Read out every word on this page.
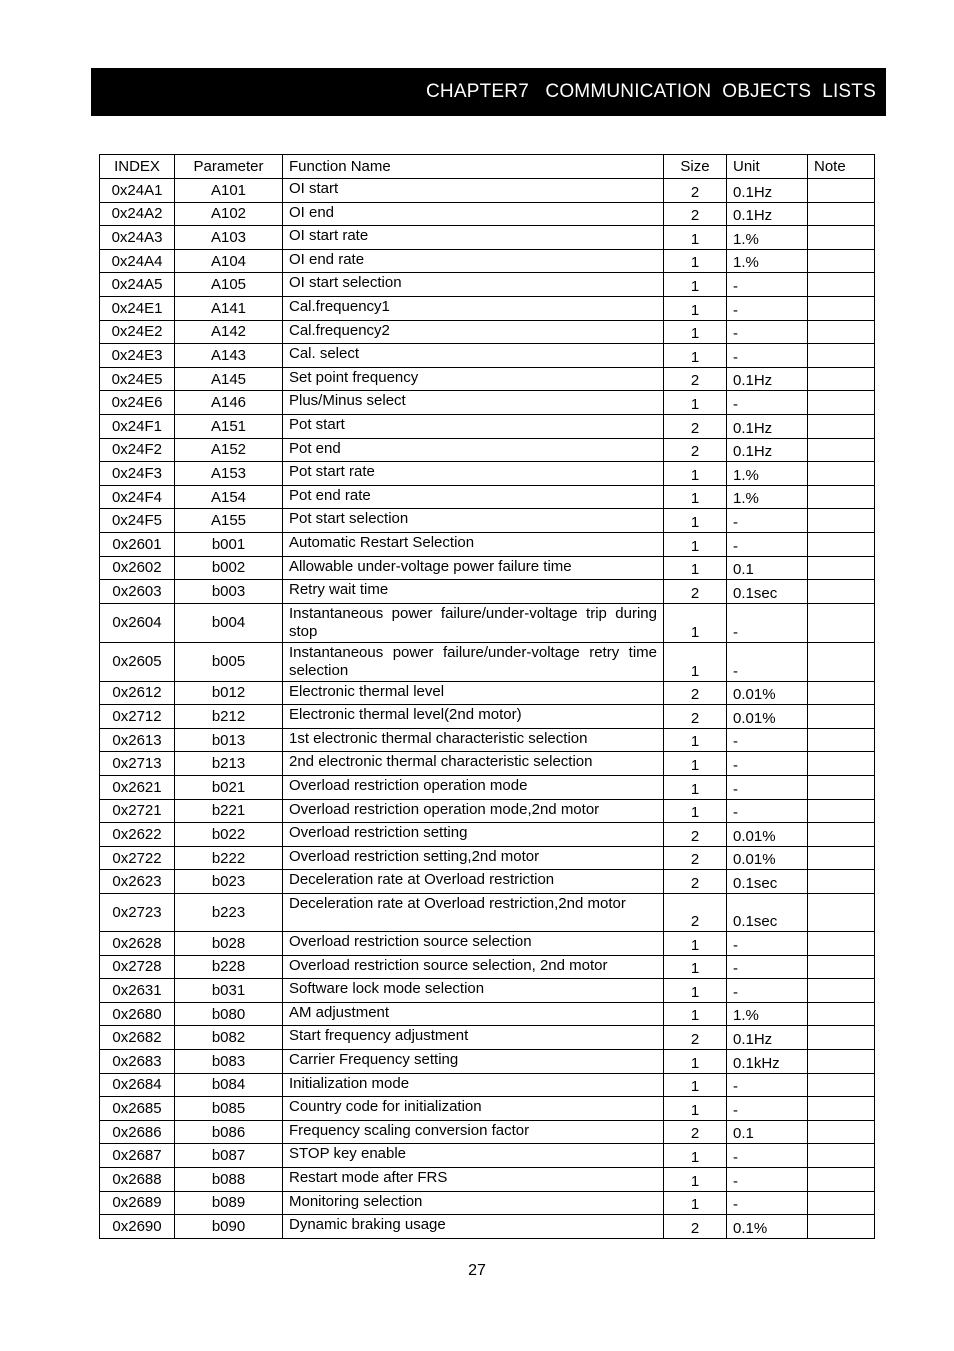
CHAPTER7   COMMUNICATION  OBJECTS  LISTS
INDEX	Parameter	Function Name	Size	Unit	Note
0x24A1	A101	OI start	2	0.1Hz	
0x24A2	A102	OI end	2	0.1Hz	
0x24A3	A103	OI start rate	1	1.%	
0x24A4	A104	OI end rate	1	1.%	
0x24A5	A105	OI start selection	1	-	
0x24E1	A141	Cal.frequency1	1	-	
0x24E2	A142	Cal.frequency2	1	-	
0x24E3	A143	Cal. select	1	-	
0x24E5	A145	Set point frequency	2	0.1Hz	
0x24E6	A146	Plus/Minus select	1	-	
0x24F1	A151	Pot start	2	0.1Hz	
0x24F2	A152	Pot end	2	0.1Hz	
0x24F3	A153	Pot start rate	1	1.%	
0x24F4	A154	Pot end rate	1	1.%	
0x24F5	A155	Pot start selection	1	-	
0x2601	b001	Automatic Restart Selection	1	-	
0x2602	b002	Allowable under-voltage power failure time	1	0.1	
0x2603	b003	Retry wait time	2	0.1sec	
0x2604	b004	Instantaneous power failure/under-voltage trip during stop	1	-	
0x2605	b005	Instantaneous power failure/under-voltage retry time selection	1	-	
0x2612	b012	Electronic thermal level	2	0.01%	
0x2712	b212	Electronic thermal level(2nd motor)	2	0.01%	
0x2613	b013	1st electronic thermal characteristic selection	1	-	
0x2713	b213	2nd electronic thermal characteristic selection	1	-	
0x2621	b021	Overload restriction operation mode	1	-	
0x2721	b221	Overload restriction operation mode,2nd motor	1	-	
0x2622	b022	Overload restriction setting	2	0.01%	
0x2722	b222	Overload restriction setting,2nd motor	2	0.01%	
0x2623	b023	Deceleration rate at Overload restriction	2	0.1sec	
0x2723	b223	Deceleration rate at Overload restriction,2nd motor	2	0.1sec	
0x2628	b028	Overload restriction source selection	1	-	
0x2728	b228	Overload restriction source selection, 2nd motor	1	-	
0x2631	b031	Software lock mode selection	1	-	
0x2680	b080	AM adjustment	1	1.%	
0x2682	b082	Start frequency adjustment	2	0.1Hz	
0x2683	b083	Carrier Frequency setting	1	0.1kHz	
0x2684	b084	Initialization mode	1	-	
0x2685	b085	Country code for initialization	1	-	
0x2686	b086	Frequency scaling conversion factor	2	0.1	
0x2687	b087	STOP key enable	1	-	
0x2688	b088	Restart mode after FRS	1	-	
0x2689	b089	Monitoring selection	1	-	
0x2690	b090	Dynamic braking usage	2	0.1%	
27
